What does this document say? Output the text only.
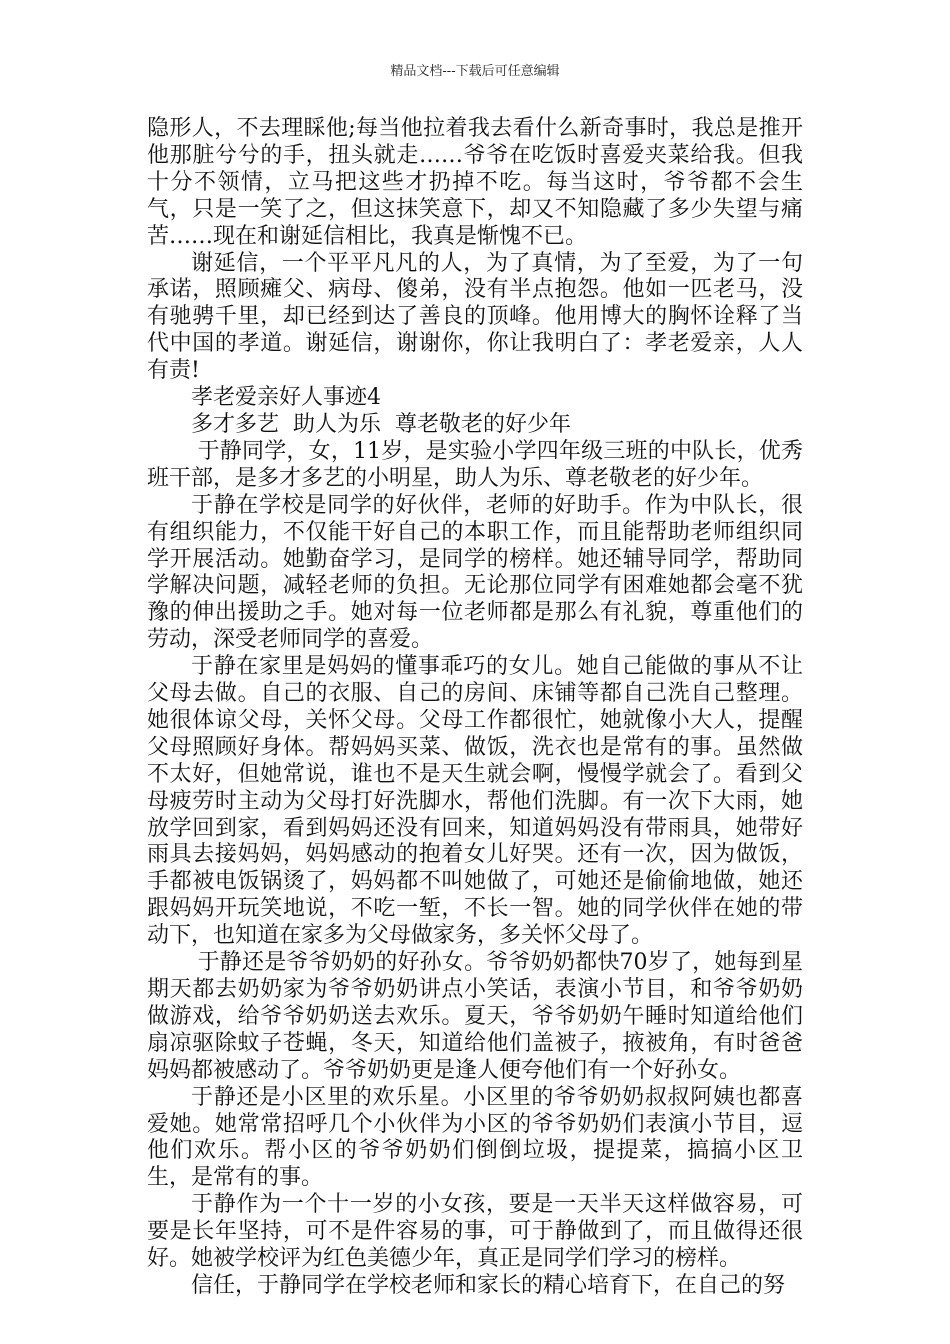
精品文档---下载后可任意编辑

隐形人，不去理睬他;每当他拉着我去看什么新奇事时，我总是推开他那脏兮兮的手，扭头就走……爷爷在吃饭时喜爱夹菜给我。但我十分不领情，立马把这些才扔掉不吃。每当这时，爷爷都不会生气，只是一笑了之，但这抹笑意下，却又不知隐藏了多少失望与痛苦……现在和谢延信相比，我真是惭愧不已。

谢延信，一个平平凡凡的人，为了真情，为了至爱，为了一句承诺，照顾瘫父、病母、傻弟，没有半点抱怨。他如一匹老马，没有驰骋千里，却已经到达了善良的顶峰。他用博大的胸怀诠释了当代中国的孝道。谢延信，谢谢你，你让我明白了：孝老爱亲，人人有责!

孝老爱亲好人事迹4

多才多艺  助人为乐  尊老敬老的好少年

于静同学，女，11岁，是实验小学四年级三班的中队长，优秀班干部，是多才多艺的小明星，助人为乐、尊老敬老的好少年。

于静在学校是同学的好伙伴，老师的好助手。作为中队长，很有组织能力，不仅能干好自己的本职工作，而且能帮助老师组织同学开展活动。她勤奋学习，是同学的榜样。她还辅导同学，帮助同学解决问题，减轻老师的负担。无论那位同学有困难她都会毫不犹豫的伸出援助之手。她对每一位老师都是那么有礼貌，尊重他们的劳动，深受老师同学的喜爱。

于静在家里是妈妈的懂事乖巧的女儿。她自己能做的事从不让父母去做。自己的衣服、自己的房间、床铺等都自己洗自己整理。她很体谅父母，关怀父母。父母工作都很忙，她就像小大人，提醒父母照顾好身体。帮妈妈买菜、做饭，洗衣也是常有的事。虽然做不太好，但她常说，谁也不是天生就会啊，慢慢学就会了。看到父母疲劳时主动为父母打好洗脚水，帮他们洗脚。有一次下大雨，她放学回到家，看到妈妈还没有回来，知道妈妈没有带雨具，她带好雨具去接妈妈，妈妈感动的抱着女儿好哭。还有一次，因为做饭，手都被电饭锅烫了，妈妈都不叫她做了，可她还是偷偷地做，她还跟妈妈开玩笑地说，不吃一堑，不长一智。她的同学伙伴在她的带动下，也知道在家多为父母做家务，多关怀父母了。

于静还是爷爷奶奶的好孙女。爷爷奶奶都快70岁了，她每到星期天都去奶奶家为爷爷奶奶讲点小笑话，表演小节目，和爷爷奶奶做游戏，给爷爷奶奶送去欢乐。夏天，爷爷奶奶午睡时知道给他们扇凉驱除蚊子苍蝇，冬天，知道给他们盖被子，掖被角，有时爸爸妈妈都被感动了。爷爷奶奶更是逢人便夸他们有一个好孙女。

于静还是小区里的欢乐星。小区里的爷爷奶奶叔叔阿姨也都喜爱她。她常常招呼几个小伙伴为小区的爷爷奶奶们表演小节目，逗他们欢乐。帮小区的爷爷奶奶们倒倒垃圾，提提菜，搞搞小区卫生，是常有的事。

于静作为一个十一岁的小女孩，要是一天半天这样做容易，可要是长年坚持，可不是件容易的事，可于静做到了，而且做得还很好。她被学校评为红色美德少年，真正是同学们学习的榜样。

信任，于静同学在学校老师和家长的精心培育下，在自己的努
